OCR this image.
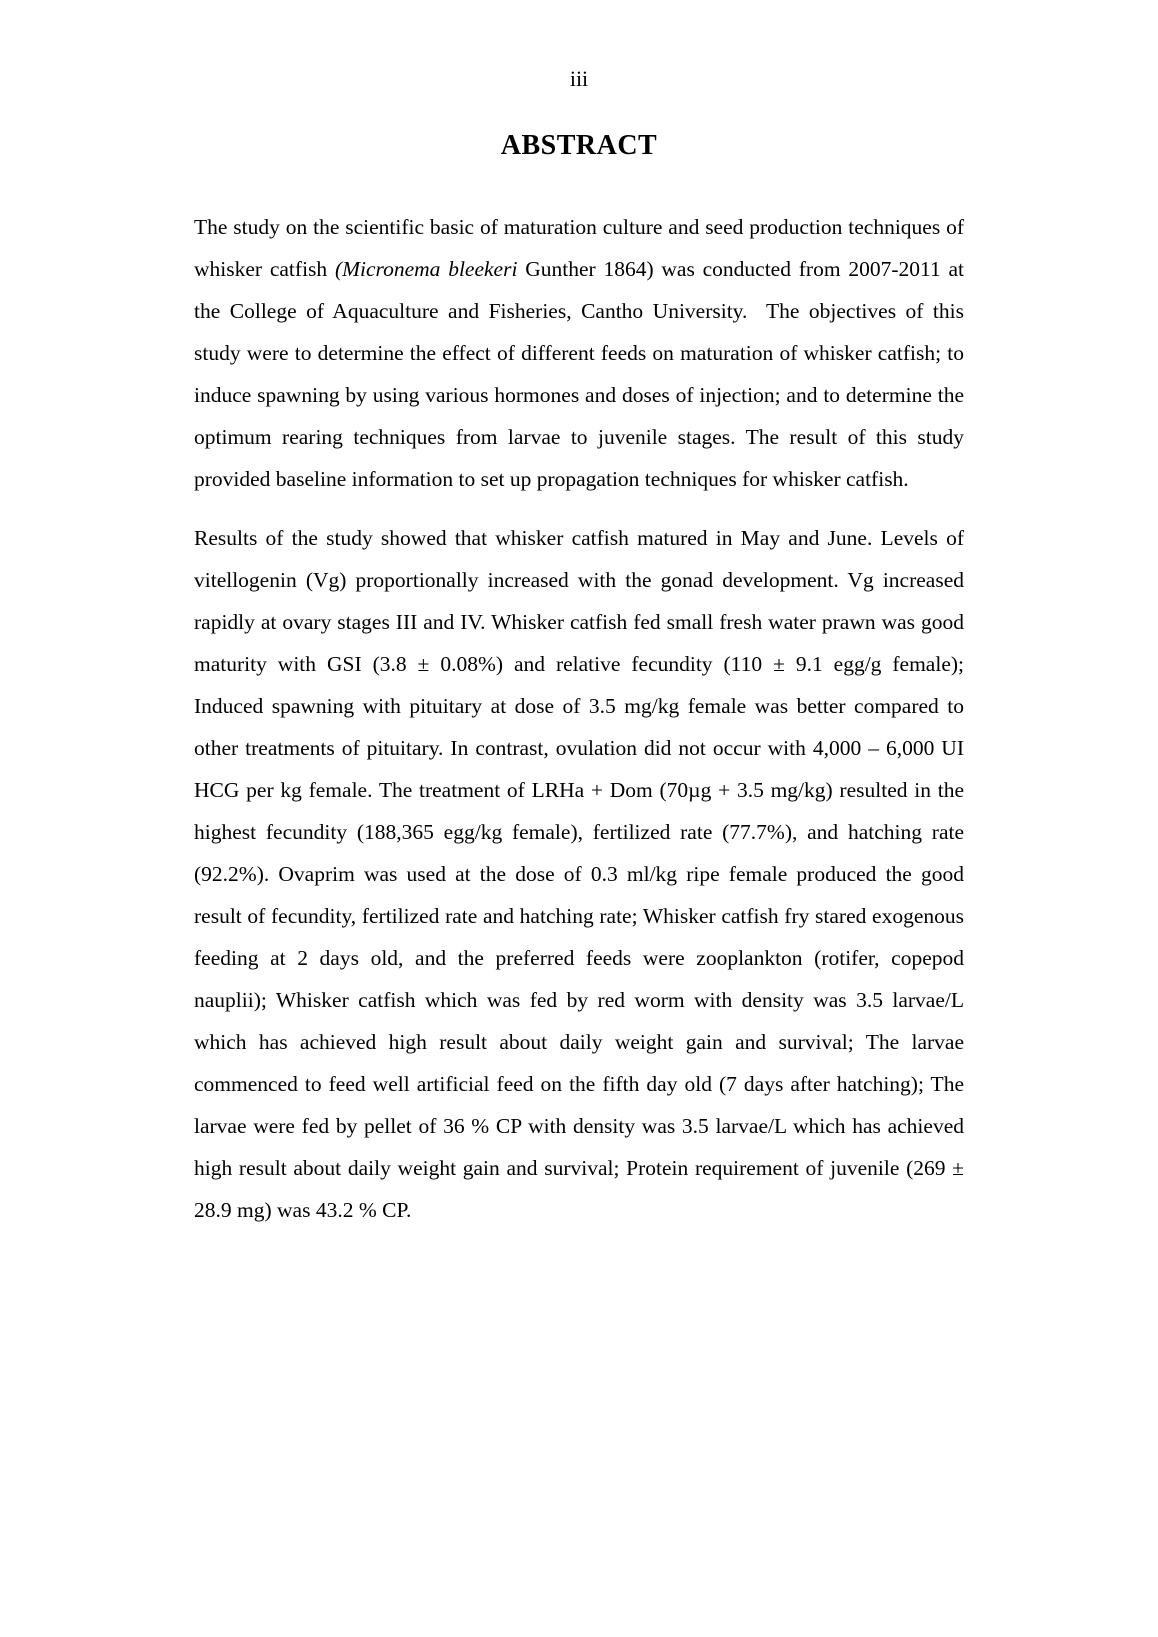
iii
ABSTRACT

The study on the scientific basic of maturation culture and seed production techniques of whisker catfish (Micronema bleekeri Gunther 1864) was conducted from 2007-2011 at the College of Aquaculture and Fisheries, Cantho University.  The objectives of this study were to determine the effect of different feeds on maturation of whisker catfish; to induce spawning by using various hormones and doses of injection; and to determine the optimum rearing techniques from larvae to juvenile stages. The result of this study provided baseline information to set up propagation techniques for whisker catfish.

Results of the study showed that whisker catfish matured in May and June. Levels of vitellogenin (Vg) proportionally increased with the gonad development. Vg increased rapidly at ovary stages III and IV. Whisker catfish fed small fresh water prawn was good maturity with GSI (3.8 ± 0.08%) and relative fecundity (110 ± 9.1 egg/g female); Induced spawning with pituitary at dose of 3.5 mg/kg female was better compared to other treatments of pituitary. In contrast, ovulation did not occur with 4,000 – 6,000 UI HCG per kg female. The treatment of LRHa + Dom (70µg + 3.5 mg/kg) resulted in the highest fecundity (188,365 egg/kg female), fertilized rate (77.7%), and hatching rate (92.2%). Ovaprim was used at the dose of 0.3 ml/kg ripe female produced the good result of fecundity, fertilized rate and hatching rate; Whisker catfish fry stared exogenous feeding at 2 days old, and the preferred feeds were zooplankton (rotifer, copepod nauplii); Whisker catfish which was fed by red worm with density was 3.5 larvae/L which has achieved high result about daily weight gain and survival; The larvae commenced to feed well artificial feed on the fifth day old (7 days after hatching); The larvae were fed by pellet of 36 % CP with density was 3.5 larvae/L which has achieved high result about daily weight gain and survival; Protein requirement of juvenile (269 ± 28.9 mg) was 43.2 % CP.
